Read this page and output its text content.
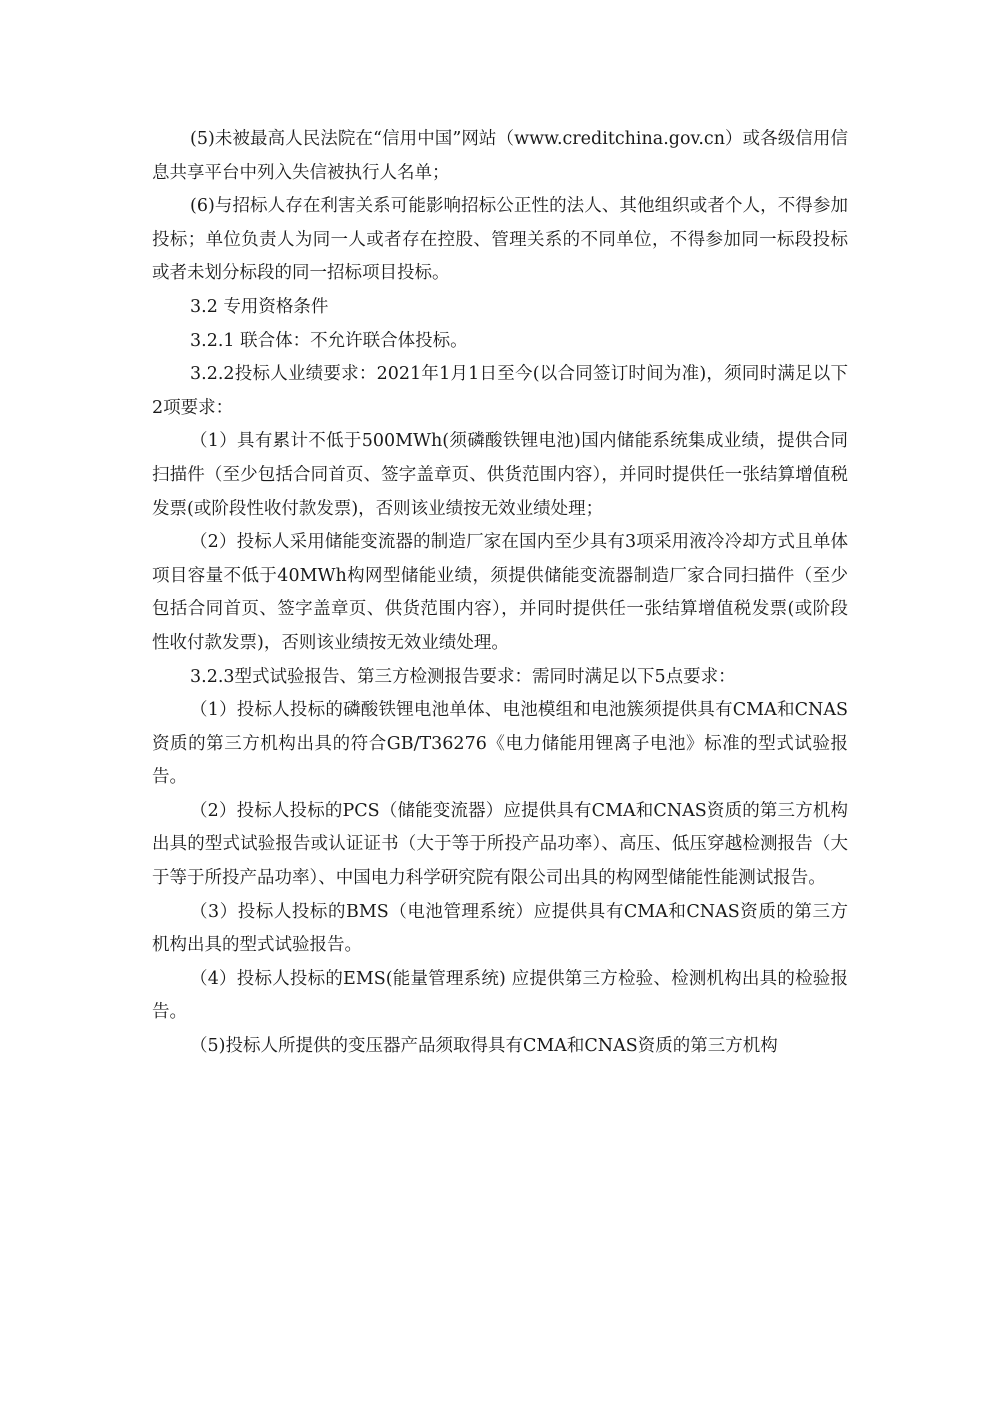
(5)未被最高人民法院在“信用中国”网站（www.creditchina.gov.cn）或各级信用信息共享平台中列入失信被执行人名单；

(6)与招标人存在利害关系可能影响招标公正性的法人、其他组织或者个人，不得参加投标；单位负责人为同一人或者存在控股、管理关系的不同单位，不得参加同一标段投标或者未划分标段的同一招标项目投标。

3.2 专用资格条件

3.2.1 联合体：不允许联合体投标。

3.2.2投标人业绩要求：2021年1月1日至今(以合同签订时间为准)，须同时满足以下2项要求：

（1）具有累计不低于500MWh(须磷酸铁锂电池)国内储能系统集成业绩，提供合同扫描件（至少包括合同首页、签字盖章页、供货范围内容），并同时提供任一张结算增值税发票(或阶段性收付款发票)，否则该业绩按无效业绩处理；

（2）投标人采用储能变流器的制造厂家在国内至少具有3项采用液冷冷却方式且单体项目容量不低于40MWh构网型储能业绩，须提供储能变流器制造厂家合同扫描件（至少包括合同首页、签字盖章页、供货范围内容），并同时提供任一张结算增值税发票(或阶段性收付款发票)，否则该业绩按无效业绩处理。

3.2.3型式试验报告、第三方检测报告要求：需同时满足以下5点要求：

（1）投标人投标的磷酸铁锂电池单体、电池模组和电池簇须提供具有CMA和CNAS资质的第三方机构出具的符合GB/T36276《电力储能用锂离子电池》标准的型式试验报告。

（2）投标人投标的PCS（储能变流器）应提供具有CMA和CNAS资质的第三方机构出具的型式试验报告或认证证书（大于等于所投产品功率）、高压、低压穿越检测报告（大于等于所投产品功率）、中国电力科学研究院有限公司出具的构网型储能性能测试报告。

（3）投标人投标的BMS（电池管理系统）应提供具有CMA和CNAS资质的第三方机构出具的型式试验报告。

（4）投标人投标的EMS(能量管理系统) 应提供第三方检验、检测机构出具的检验报告。

（5)投标人所提供的变压器产品须取得具有CMA和CNAS资质的第三方机构
